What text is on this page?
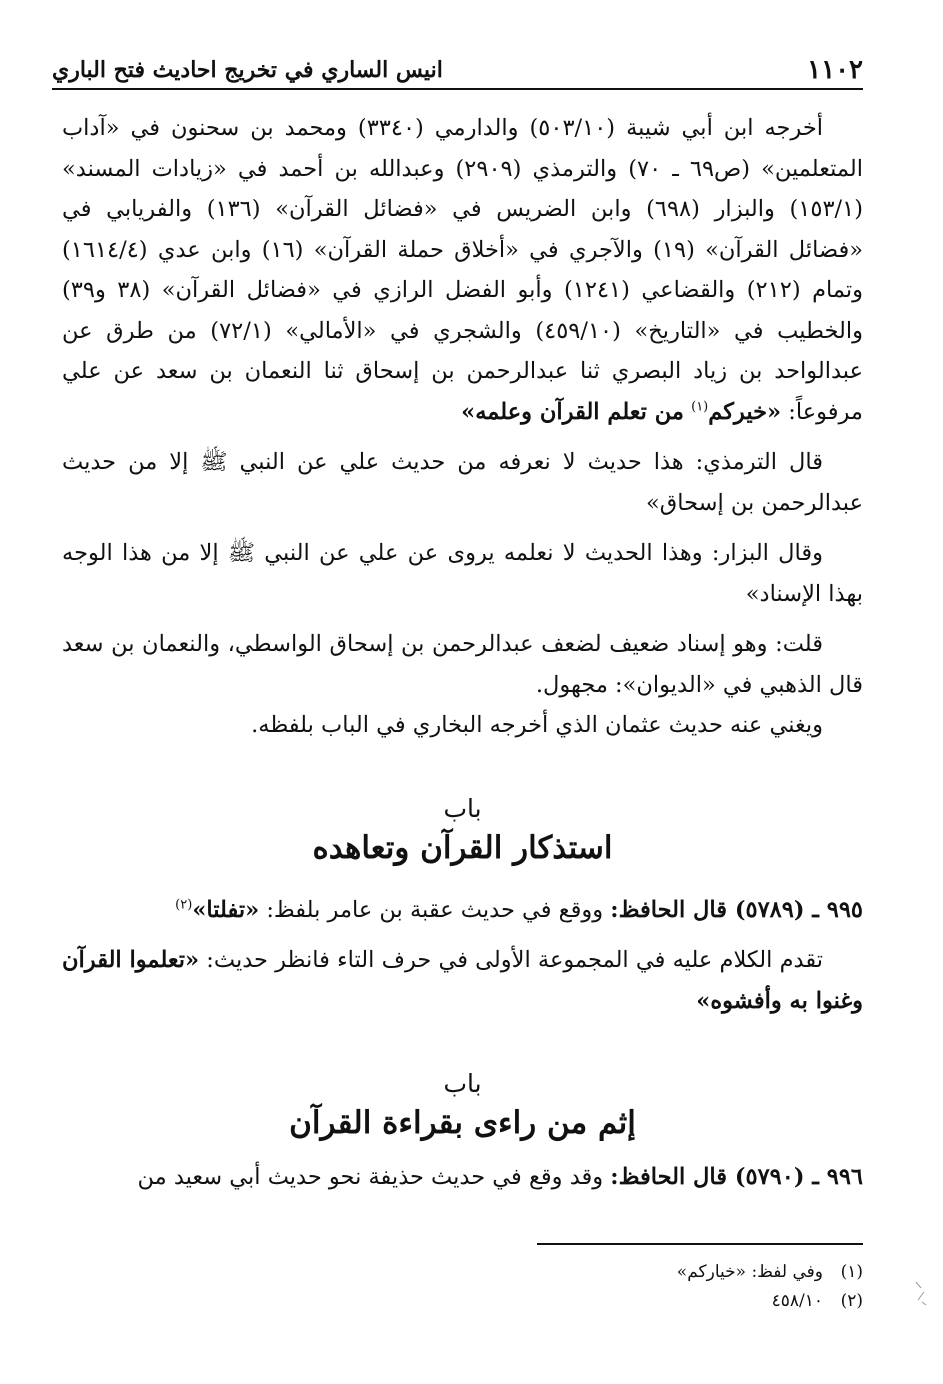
١١٠٢
انيس الساري في تخريج احاديث فتح الباري

أخرجه ابن أبي شيبة (٥٠٣/١٠) والدارمي (٣٣٤٠) ومحمد بن سحنون في «آداب المتعلمين» (ص٦٩ ـ ٧٠) والترمذي (٢٩٠٩) وعبدالله بن أحمد في «زيادات المسند» (١٥٣/١) والبزار (٦٩٨) وابن الضريس في «فضائل القرآن» (١٣٦) والفريابي في «فضائل القرآن» (١٩) والآجري في «أخلاق حملة القرآن» (١٦) وابن عدي (١٦١٤/٤) وتمام (٢١٢) والقضاعي (١٢٤١) وأبو الفضل الرازي في «فضائل القرآن» (٣٨ و٣٩) والخطيب في «التاريخ» (٤٥٩/١٠) والشجري في «الأمالي» (٧٢/١) من طرق عن عبدالواحد بن زياد البصري ثنا عبدالرحمن بن إسحاق ثنا النعمان بن سعد عن علي مرفوعاً: «خيركم$^{(١)}$ من تعلم القرآن وعلمه»

قال الترمذي: هذا حديث لا نعرفه من حديث علي عن النبي ﷺ إلا من حديث عبدالرحمن بن إسحاق»

وقال البزار: وهذا الحديث لا نعلمه يروى عن علي عن النبي ﷺ إلا من هذا الوجه بهذا الإسناد»

قلت: وهو إسناد ضعيف لضعف عبدالرحمن بن إسحاق الواسطي، والنعمان بن سعد قال الذهبي في «الديوان»: مجهول.

ويغني عنه حديث عثمان الذي أخرجه البخاري في الباب بلفظه.

باب
استذكار القرآن وتعاهده

٩٩٥ ـ (٥٧٨٩) قال الحافظ: ووقع في حديث عقبة بن عامر بلفظ: «تفلتا»$^{(٢)}$

تقدم الكلام عليه في المجموعة الأولى في حرف التاء فانظر حديث: «تعلموا القرآن وغنوا به وأفشوه»

باب
إثم من راءى بقراءة القرآن

٩٩٦ ـ (٥٧٩٠) قال الحافظ: وقد وقع في حديث حذيفة نحو حديث أبي سعيد من

(١)وفي لفظ: «خياركم»

(٢)٤٥٨/١٠
